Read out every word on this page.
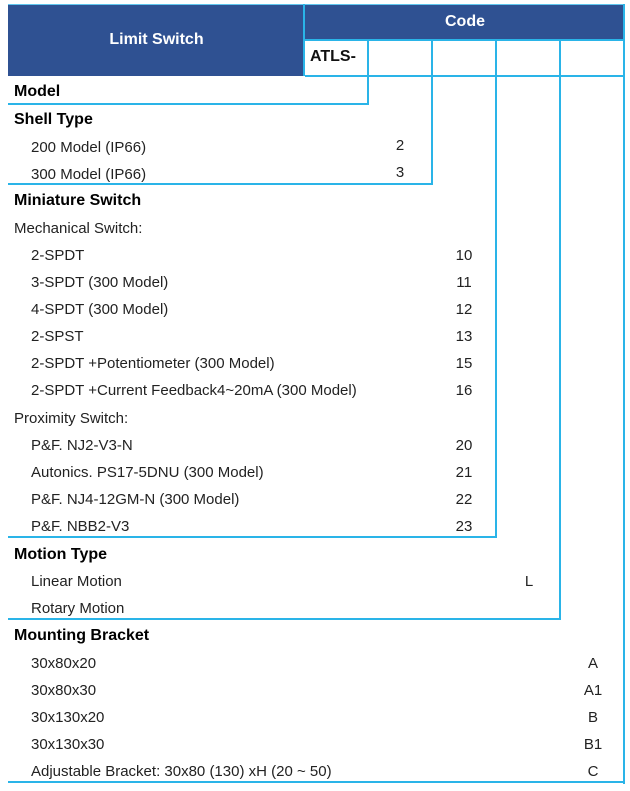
Limit Switch
Code
ATLS-
Model
Shell Type
200 Model (IP66)	2
300 Model (IP66)	3
Miniature Switch
Mechanical Switch:
2-SPDT	10
3-SPDT (300 Model)	11
4-SPDT (300 Model)	12
2-SPST	13
2-SPDT +Potentiometer (300 Model)	15
2-SPDT +Current Feedback4~20mA (300 Model)	16
Proximity Switch:
P&F. NJ2-V3-N	20
Autonics. PS17-5DNU (300 Model)	21
P&F. NJ4-12GM-N (300 Model)	22
P&F. NBB2-V3	23
Motion Type
Linear Motion	L
Rotary Motion
Mounting Bracket
30x80x20	A
30x80x30	A1
30x130x20	B
30x130x30	B1
Adjustable Bracket: 30x80 (130) xH (20 ~ 50)	C
